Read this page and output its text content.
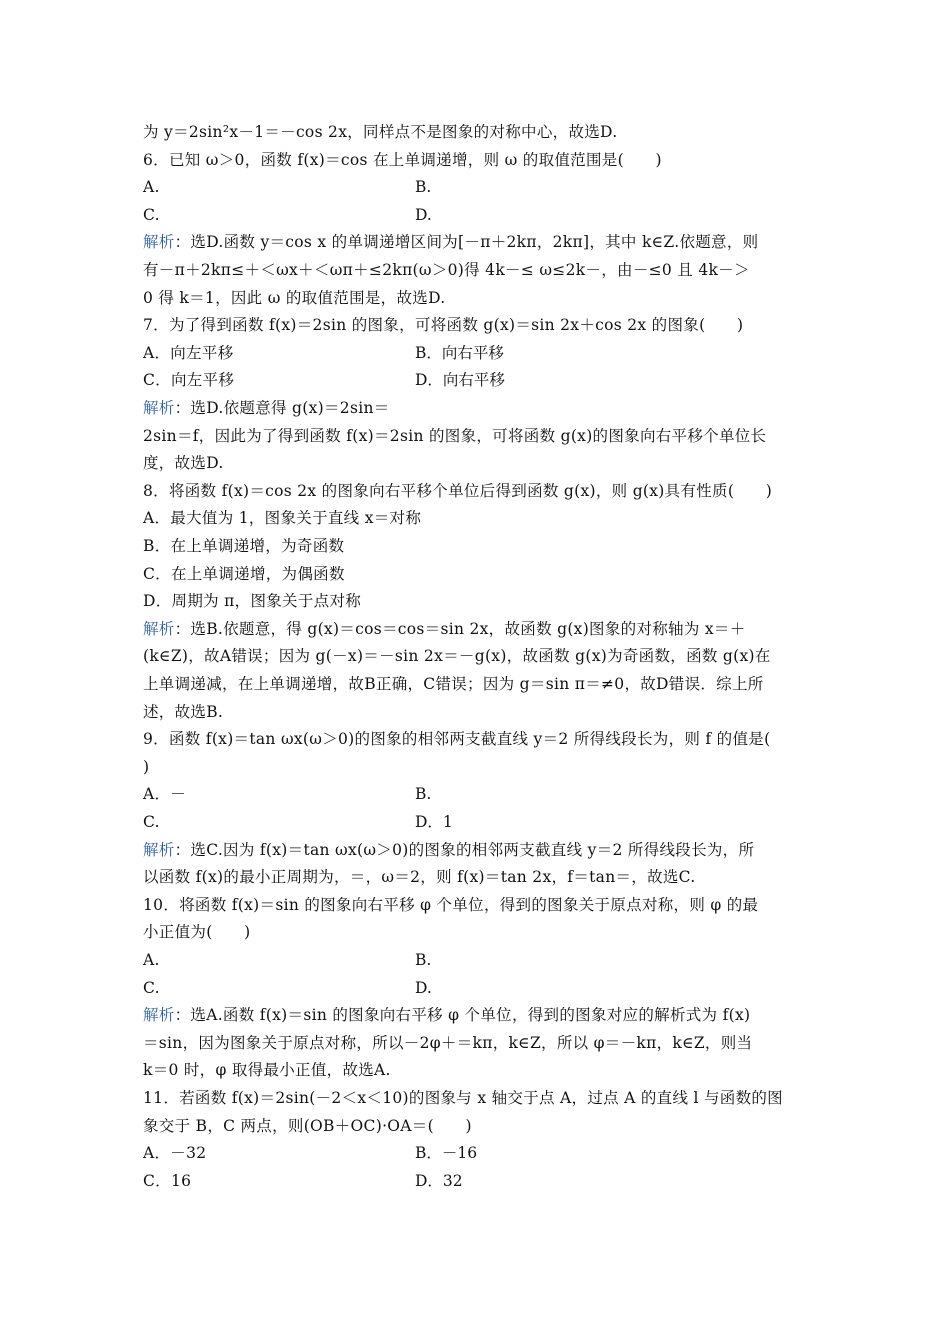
为 y＝2sin²x－1＝－cos 2x，同样点不是图象的对称中心，故选D.
6．已知 ω＞0，函数 f(x)＝cos 在上单调递增，则 ω 的取值范围是(　　)
A.	B.
C.	D.
解析：选D.函数 y＝cos x 的单调递增区间为[－π＋2kπ，2kπ]，其中 k∈Z.依题意，则
有－π＋2kπ≤＋＜ωx＋＜ωπ＋≤2kπ(ω＞0)得 4k－≤ ω≤2k－，由－≤0 且 4k－＞
0 得 k＝1，因此 ω 的取值范围是，故选D.
7．为了得到函数 f(x)＝2sin 的图象，可将函数 g(x)＝sin 2x＋cos 2x 的图象(　　)
A．向左平移	B．向右平移
C．向左平移	D．向右平移
解析：选D.依题意得 g(x)＝2sin＝
2sin＝f，因此为了得到函数 f(x)＝2sin 的图象，可将函数 g(x)的图象向右平移个单位长
度，故选D.
8．将函数 f(x)＝cos 2x 的图象向右平移个单位后得到函数 g(x)，则 g(x)具有性质(　　)
A．最大值为 1，图象关于直线 x＝对称
B．在上单调递增，为奇函数
C．在上单调递增，为偶函数
D．周期为 π，图象关于点对称
解析：选B.依题意，得 g(x)＝cos＝cos＝sin 2x，故函数 g(x)图象的对称轴为 x＝＋
(k∈Z)，故A错误；因为 g(－x)＝－sin 2x＝－g(x)，故函数 g(x)为奇函数，函数 g(x)在
上单调递减，在上单调递增，故B正确，C错误；因为 g＝sin π＝≠0，故D错误．综上所
述，故选B.
9．函数 f(x)＝tan ωx(ω＞0)的图象的相邻两支截直线 y＝2 所得线段长为，则 f 的值是(
)
A．－	B.
C.	D．1
解析：选C.因为 f(x)＝tan ωx(ω＞0)的图象的相邻两支截直线 y＝2 所得线段长为，所
以函数 f(x)的最小正周期为，＝，ω＝2，则 f(x)＝tan 2x，f＝tan＝，故选C.
10．将函数 f(x)＝sin 的图象向右平移 φ 个单位，得到的图象关于原点对称，则 φ 的最
小正值为(　　)
A.	B.
C.	D.
解析：选A.函数 f(x)＝sin 的图象向右平移 φ 个单位，得到的图象对应的解析式为 f(x)
＝sin，因为图象关于原点对称，所以－2φ＋＝kπ，k∈Z，所以 φ＝－kπ，k∈Z，则当
k＝0 时，φ 取得最小正值，故选A.
11．若函数 f(x)＝2sin(－2＜x＜10)的图象与 x 轴交于点 A，过点 A 的直线 l 与函数的图
象交于 B，C 两点，则(OB＋OC)·OA＝(　　)
A．－32	B．－16
C．16	D．32
